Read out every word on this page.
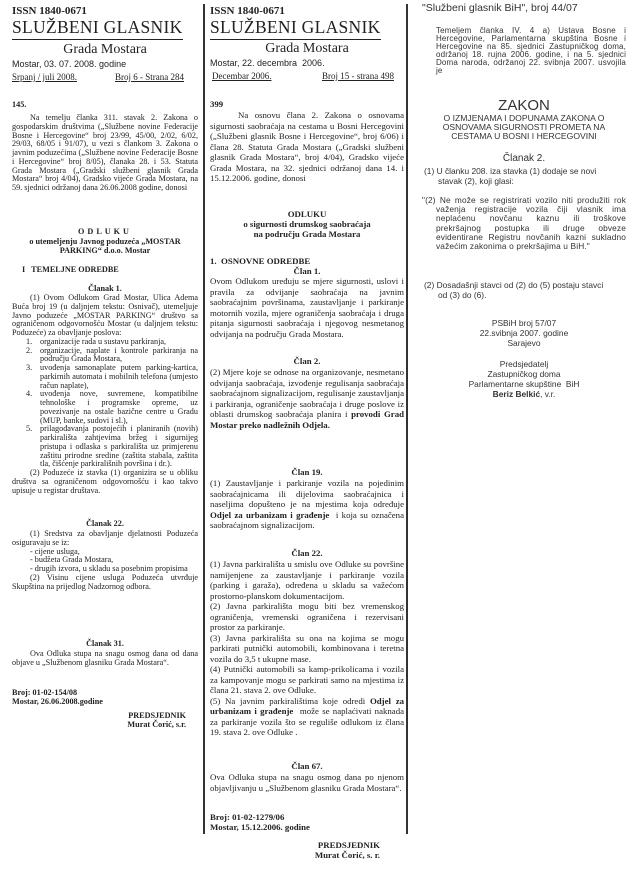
ISSN 1840-0671
SLUŽBENI GLASNIK
Grada Mostara
Mostar, 03. 07. 2008. godine
Srpanj / juli 2008.	Broj 6 - Strana 284
145.
Na temelju članka 311. stavak 2. Zakona o gospodarskim društvima („Službene novine Federacije Bosne i Hercegovine“ broj 23/99, 45/00, 2/02, 6/02, 29/03, 68/05 i 91/07), u vezi s člankom 3. Zakona o javnim poduzećima („Službene novine Federacije Bosne i Hercegovine“ broj 8/05), članaka 28. i 53. Statuta Grada Mostara („Gradski službeni glasnik Grada Mostara“ broj 4/04), Gradsko vijeće Grada Mostara, na 59. sjednici održanoj dana 26.06.2008 godine, donosi
ODLUKU
o utemeljenju Javnog poduzeća „MOSTAR PARKING“ d.o.o. Mostar
I   TEMELJNE ODREDBE
Članak 1.
(1) Ovom Odlukom Grad Mostar, Ulica Adema Buća broj 19 (u daljnjem tekstu: Osnivač), utemeljuje Javno poduzeće „MOSTAR PARKING“ društvo sa ograničenom odgovornošću Mostar (u daljnjem tekstu: Poduzeće) za obavljanje poslova:
1. organizacije rada u sustavu parkiranja,
2. organizacije, naplate i kontrole parkiranja na području Grada Mostara,
3. uvođenja samonaplate putem parking-kartica, parkirnih automata i mobilnih telefona (umjesto račun naplate),
4. uvođenja nove, suvremene, kompatibilne tehnološke i programske opreme, uz povezivanje na ostale bazične centre u Gradu (MUP, banke, sudovi i sl.),
5. prilagođavanja postojećih i planiranih (novih) parkirališta zahtjevima bržeg i sigurnijeg pristupa i odlaska s parkirališta uz primjerenu zaštitu prirodne sredine (zaštita stabala, zaštita tla, čišćenje parkirališnih površina i dr.).
(2) Poduzeće iz stavka (1) organizira se u obliku društva sa ograničenom odgovornošću i kao takvo upisuje u registar društava.
Članak 22.
(1) Sredstva za obavljanje djelatnosti Poduzeća osiguravaju se iz:
- cijene usluga,
- budžeta Grada Mostara,
- drugih izvora, u skladu sa posebnim propisima
(2) Visinu cijene usluga Poduzeća utvrđuje Skupština na prijedlog Nadzornog odbora.
Članak 31.
Ova Odluka stupa na snagu osmog dana od dana objave u „Službenom glasniku Grada Mostara“.
Broj: 01-02-154/08
Mostar, 26.06.2008.godine
PREDSJEDNIK
Murat Čorić, s.r.
ISSN 1840-0671
SLUŽBENI GLASNIK
Grada Mostara
Mostar, 22. decembra  2006.
Decembar 2006.	Broj 15 - strana 498
399
Na osnovu člana 2. Zakona o osnovama sigurnosti saobraćaja na cestama u Bosni Hercegovini („Službeni glasnik Bosne i Hercegovine“, broj 6/06) i člana 28. Statuta Grada Mostara („Gradski službeni glasnik Grada Mostara“, broj 4/04), Gradsko vijeće Grada Mostara, na 32. sjednici održanoj dana 14. i 15.12.2006. godine, donosi
ODLUKU
o sigurnosti drumskog saobraćaja
na području Grada Mostara
1.  OSNOVNE ODREDBE
Član 1.
Ovom Odlukom uređuju se mjere sigurnosti, uslovi i pravila za odvijanje saobraćaja na javnim saobraćajnim površinama, zaustavljanje i parkiranje motornih vozila, mjere ograničenja saobraćaja i druga pitanja sigurnosti saobraćaja i njegovog nesmetanog odvijanja na području Grada Mostara.
Član 2.
(2) Mjere koje se odnose na organizovanje, nesmetano odvijanja saobraćaja, izvođenje regulisanja saobraćaja saobraćajnom signalizacijom, regulisanje zaustavljanja i parkiranja, ograničenje saobraćaja i druge poslove iz oblasti drumskog saobraćaja planira i provodi Grad Mostar preko nadležnih Odjela.
Član 19.
(1) Zaustavljanje i parkiranje vozila na pojedinim saobraćajnicama ili dijelovima saobraćajnica i naseljima dopušteno je na mjestima koja određuje Odjel za urbanizam i građenje  i koja su označena saobraćajnom signalizacijom.
Član 22.
(1) Javna parkirališta u smislu ove Odluke su površine namijenjene za zaustavljanje i parkiranje vozila (parking i garaža), određena u skladu sa važećom prostorno-planskom dokumentacijom.
(2) Javna parkirališta mogu biti bez vremenskog ograničenja, vremenski ograničena i rezervisani prostor za parkiranje.
(3) Javna parkirališta su ona na kojima se mogu parkirati putnički automobili, kombinovana i teretna vozila do 3,5 t ukupne mase.
(4) Putnički automobili sa kamp-prikolicama i vozila za kampovanje mogu se parkirati samo na mjestima iz člana 21. stava 2. ove Odluke.
(5) Na javnim parkiralištima koje odredi Odjel za urbanizam i građenje  može se naplaćivati naknada za parkiranje vozila što se reguliše odlukom iz člana 19. stava 2. ove Odluke .
Član 67.
Ova Odluka stupa na snagu osmog dana po njenom objavljivanju u „Službenom glasniku Grada Mostara“.
Broj: 01-02-1279/06
Mostar, 15.12.2006. godine
PREDSJEDNIK
Murat Čorić, s. r.
"Službeni glasnik BiH", broj 44/07
Temeljem članka IV. 4 a) Ustava Bosne i Hercegovine, Parlamentarna skupština Bosne i Hercegovine na 85. sjednici Zastupničkog doma, održanoj 18. rujna 2006. godine, i na 5. sjednici Doma naroda, održanoj 22. svibnja 2007. usvojila je
ZAKON
O IZMJENAMA I DOPUNAMA ZAKONA O OSNOVAMA SIGURNOSTI PROMETA NA CESTAMA U BOSNI I HERCEGOVINI
Članak 2.
(1) U članku 208. iza stavka (1) dodaje se novi stavak (2), koji glasi:
"(2) Ne može se registrirati vozilo niti produžiti rok važenja registracije vozila čiji vlasnik ima neplaćenu novčanu kaznu ili troškove prekršajnog postupka ili druge obveze evidentirane Registru novčanih kazni sukladno važećim zakonima o prekršajima u BiH."
(2) Dosadašnji stavci od (2) do (5) postaju stavci od (3) do (6).
PSBiH broj 57/07
22.svibnja 2007. godine
Sarajevo
Predsjedatelj
Zastupničkog doma
Parlamentarne skupštine  BiH
Beriz Belkić, v.r.
